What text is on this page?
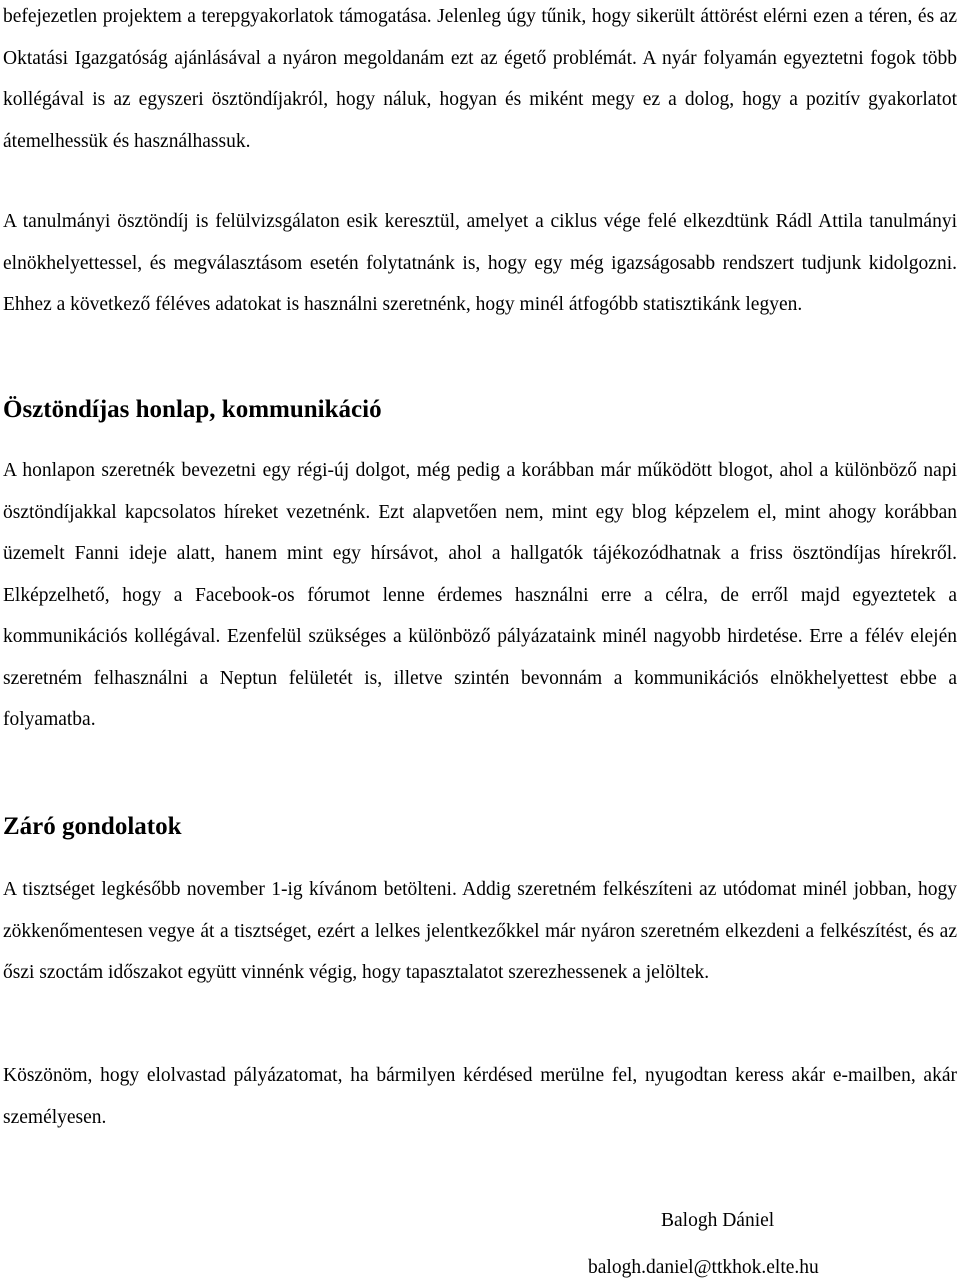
befejezetlen projektem a terepgyakorlatok támogatása. Jelenleg úgy tűnik, hogy sikerült áttörést elérni ezen a téren, és az Oktatási Igazgatóság ajánlásával a nyáron megoldanám ezt az égető problémát. A nyár folyamán egyeztetni fogok több kollégával is az egyszeri ösztöndíjakról, hogy náluk, hogyan és miként megy ez a dolog, hogy a pozitív gyakorlatot átemelhessük és használhassuk.

A tanulmányi ösztöndíj is felülvizsgálaton esik keresztül, amelyet a ciklus vége felé elkezdtünk Rádl Attila tanulmányi elnökhelyettessel, és megválasztásom esetén folytatnánk is, hogy egy még igazságosabb rendszert tudjunk kidolgozni. Ehhez a következő féléves adatokat is használni szeretnénk, hogy minél átfogóbb statisztikánk legyen.

Ösztöndíjas honlap, kommunikáció

A honlapon szeretnék bevezetni egy régi-új dolgot, még pedig a korábban már működött blogot, ahol a különböző napi ösztöndíjakkal kapcsolatos híreket vezetnénk. Ezt alapvetően nem, mint egy blog képzelem el, mint ahogy korábban üzemelt Fanni ideje alatt, hanem mint egy hírsávot, ahol a hallgatók tájékozódhatnak a friss ösztöndíjas hírekről. Elképzelhető, hogy a Facebook-os fórumot lenne érdemes használni erre a célra, de erről majd egyeztetek a kommunikációs kollégával. Ezenfelül szükséges a különböző pályázataink minél nagyobb hirdetése. Erre a félév elején szeretném felhasználni a Neptun felületét is, illetve szintén bevonnám a kommunikációs elnökhelyettest ebbe a folyamatba.

Záró gondolatok

A tisztséget legkésőbb november 1-ig kívánom betölteni. Addig szeretném felkészíteni az utódomat minél jobban, hogy zökkenőmentesen vegye át a tisztséget, ezért a lelkes jelentkezőkkel már nyáron szeretném elkezdeni a felkészítést, és az őszi szoctám időszakot együtt vinnénk végig, hogy tapasztalatot szerezhessenek a jelöltek.

Köszönöm, hogy elolvastad pályázatomat, ha bármilyen kérdésed merülne fel, nyugodtan keress akár e-mailben, akár személyesen.

Balogh Dániel
balogh.daniel@ttkhok.elte.hu
